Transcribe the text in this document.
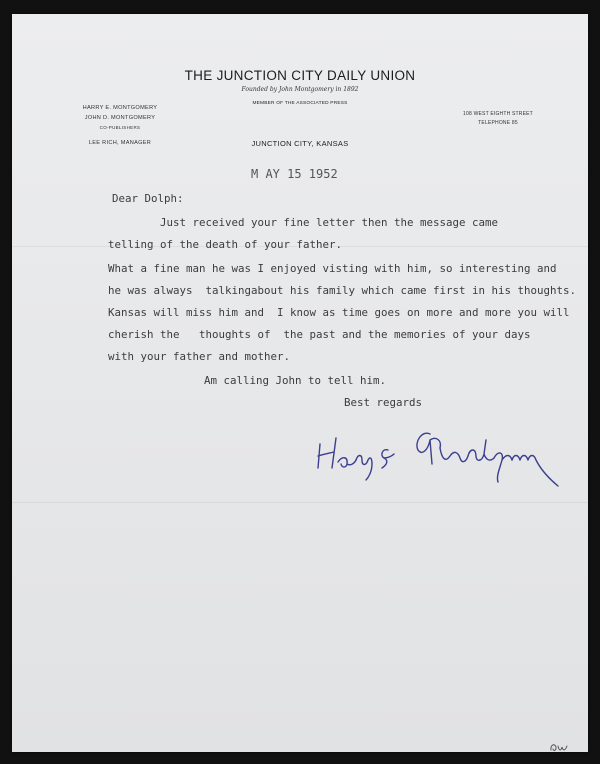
THE JUNCTION CITY DAILY UNION
Founded by John Montgomery in 1892
MEMBER OF THE ASSOCIATED PRESS
JUNCTION CITY, KANSAS
HARRY E. MONTGOMERY
JOHN D. MONTGOMERY
CO-PUBLISHERS
LEE RICH, MANAGER
108 WEST EIGHTH STREET
TELEPHONE 85
M AY 15 1952
Dear Dolph:
Just received your fine letter then the message came
telling of the death of your father.
What a fine man he was I enjoyed visting with him, so interesting and
he was always  talkingabout his family which came first in his thoughts.
Kansas will miss him and  I know as time goes on more and more you will
cherish the   thoughts of  the past and the memories of your days
with your father and mother.
Am calling John to tell him.
Best regards
